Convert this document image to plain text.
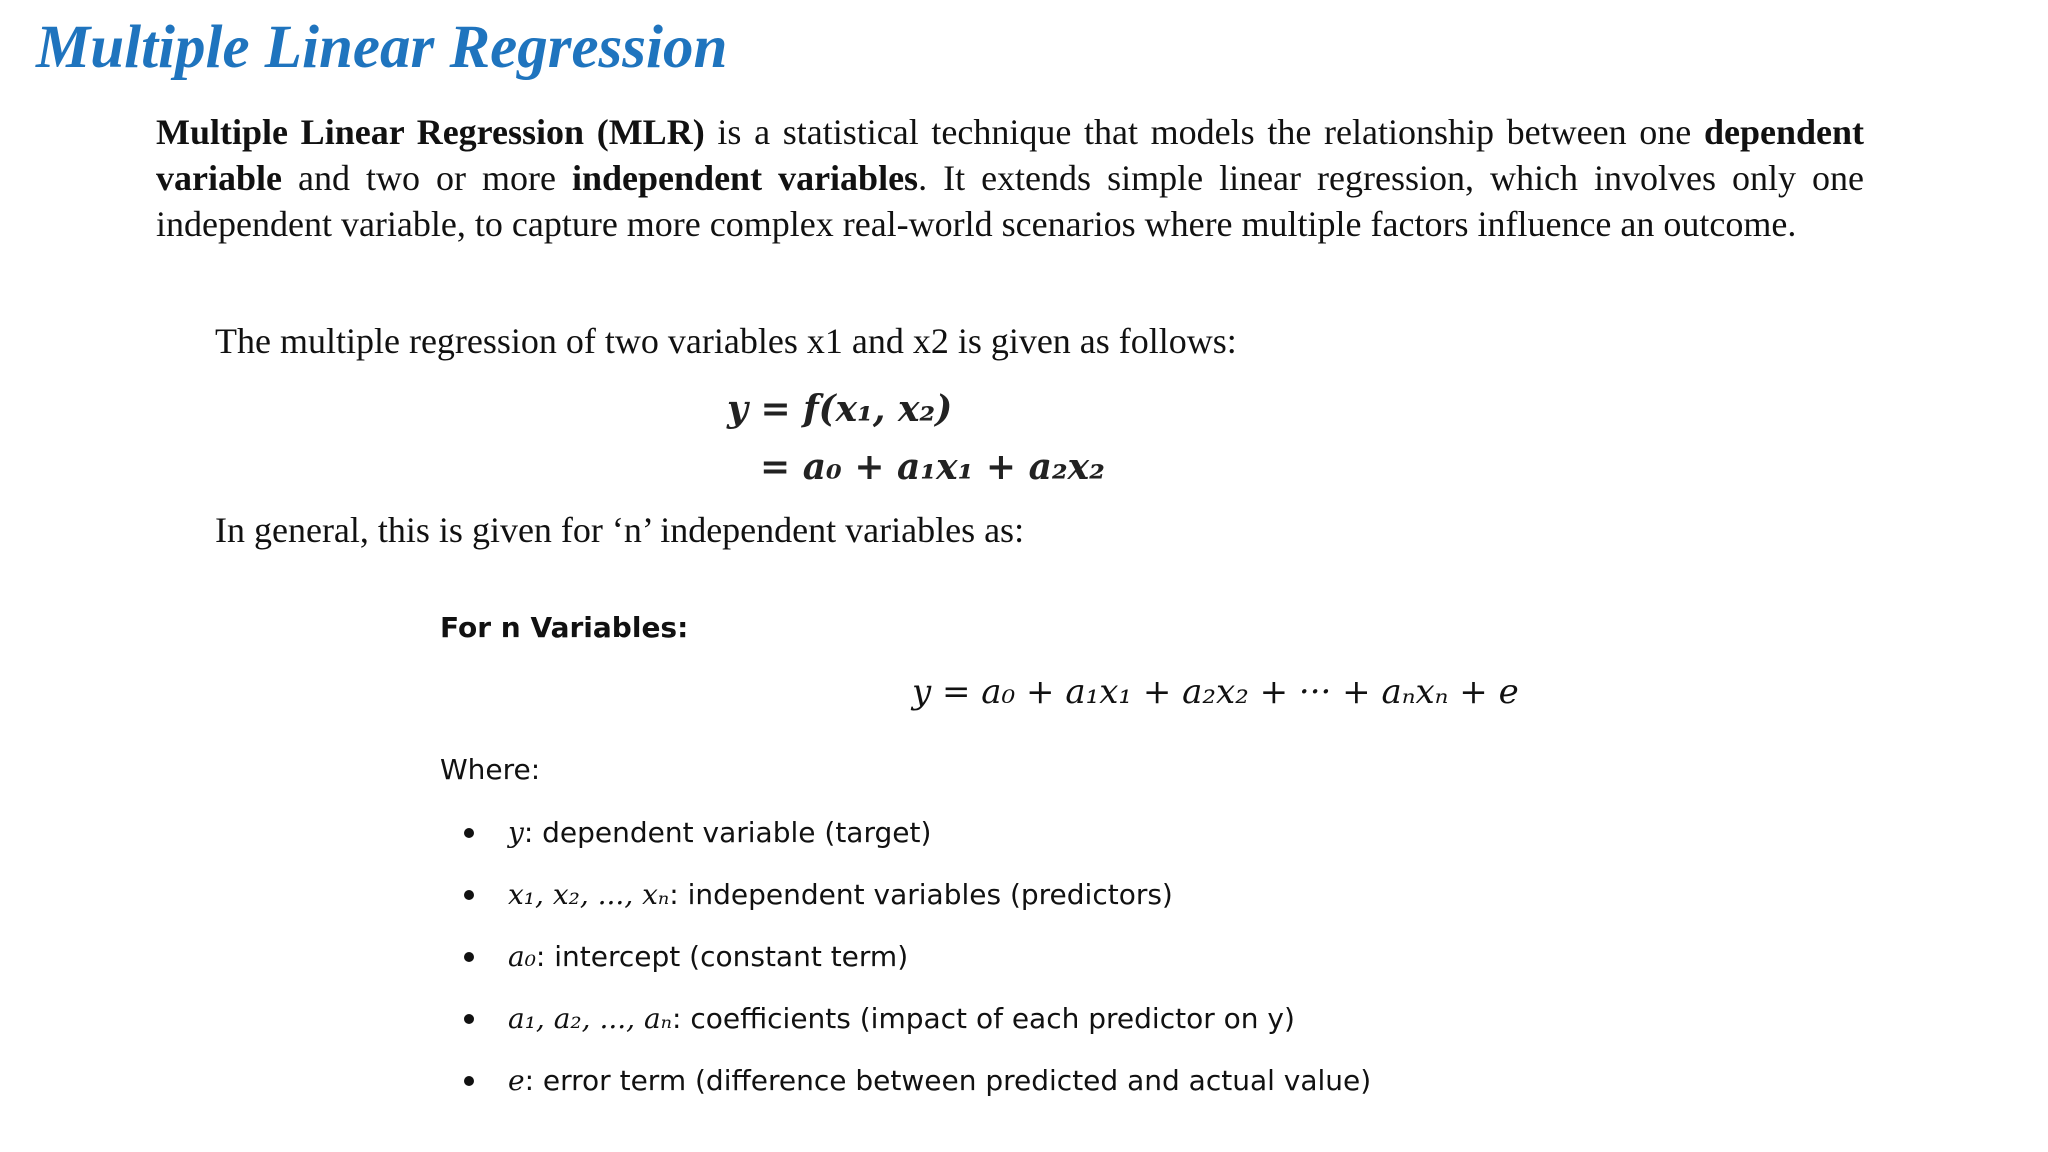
Multiple Linear Regression

Multiple Linear Regression (MLR) is a statistical technique that models the relationship between one dependent variable and two or more independent variables. It extends simple linear regression, which involves only one independent variable, to capture more complex real-world scenarios where multiple factors influence an outcome.

The multiple regression of two variables x1 and x2 is given as follows:

y = f(x₁, x₂)
= a₀ + a₁x₁ + a₂x₂

In general, this is given for ‘n’ independent variables as:

For n Variables:
y = a₀ + a₁x₁ + a₂x₂ + ··· + aₙxₙ + e
Where:
y: dependent variable (target)
x₁, x₂, ..., xₙ: independent variables (predictors)
a₀: intercept (constant term)
a₁, a₂, ..., aₙ: coefficients (impact of each predictor on y)
e: error term (difference between predicted and actual value)
